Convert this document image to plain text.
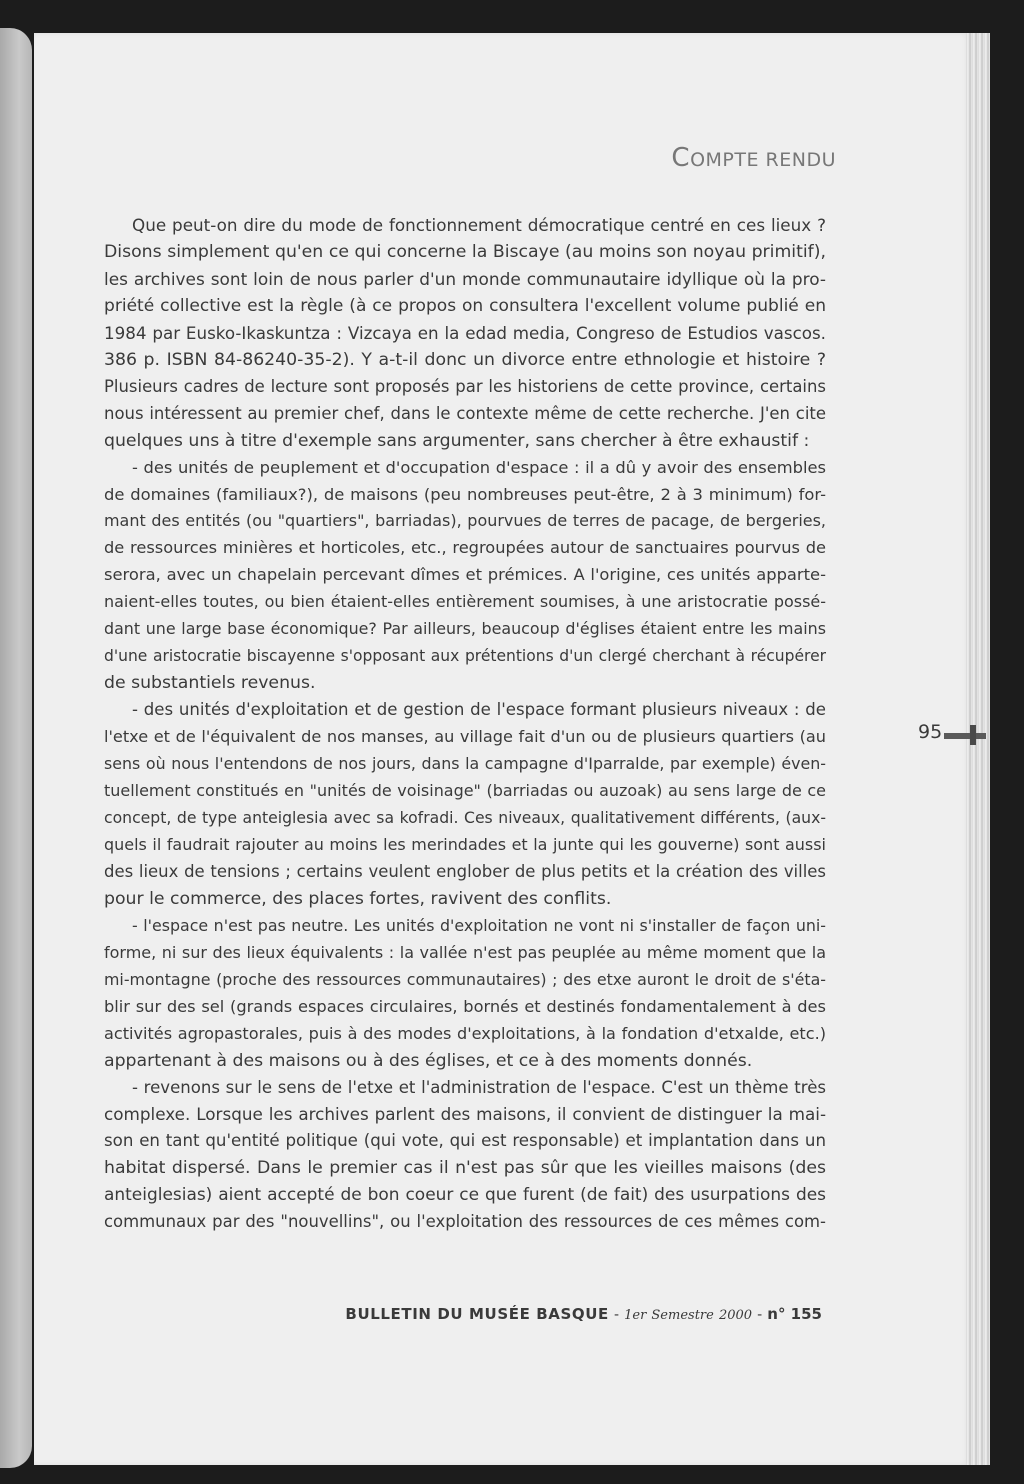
COMPTE RENDU
Que peut-on dire du mode de fonctionnement démocratique centré en ces lieux ?
Disons simplement qu'en ce qui concerne la Biscaye (au moins son noyau primitif),
les archives sont loin de nous parler d'un monde communautaire idyllique où la pro-
priété collective est la règle (à ce propos on consultera l'excellent volume publié en
1984 par Eusko-Ikaskuntza : Vizcaya en la edad media, Congreso de Estudios vascos.
386 p. ISBN 84-86240-35-2). Y a-t-il donc un divorce entre ethnologie et histoire ?
Plusieurs cadres de lecture sont proposés par les historiens de cette province, certains
nous intéressent au premier chef, dans le contexte même de cette recherche. J'en cite
quelques uns à titre d'exemple sans argumenter, sans chercher à être exhaustif :
- des unités de peuplement et d'occupation d'espace : il a dû y avoir des ensembles
de domaines (familiaux?), de maisons (peu nombreuses peut-être, 2 à 3 minimum) for-
mant des entités (ou "quartiers", barriadas), pourvues de terres de pacage, de bergeries,
de ressources minières et horticoles, etc., regroupées autour de sanctuaires pourvus de
serora, avec un chapelain percevant dîmes et prémices. A l'origine, ces unités apparte-
naient-elles toutes, ou bien étaient-elles entièrement soumises, à une aristocratie possé-
dant une large base économique? Par ailleurs, beaucoup d'églises étaient entre les mains
d'une aristocratie biscayenne s'opposant aux prétentions d'un clergé cherchant à récupérer
de substantiels revenus.
- des unités d'exploitation et de gestion de l'espace formant plusieurs niveaux : de
l'etxe et de l'équivalent de nos manses, au village fait d'un ou de plusieurs quartiers (au
sens où nous l'entendons de nos jours, dans la campagne d'Iparralde, par exemple) éven-
tuellement constitués en "unités de voisinage" (barriadas ou auzoak) au sens large de ce
concept, de type anteiglesia avec sa kofradi. Ces niveaux, qualitativement différents, (aux-
quels il faudrait rajouter au moins les merindades et la junte qui les gouverne) sont aussi
des lieux de tensions ; certains veulent englober de plus petits et la création des villes
pour le commerce, des places fortes, ravivent des conflits.
- l'espace n'est pas neutre. Les unités d'exploitation ne vont ni s'installer de façon uni-
forme, ni sur des lieux équivalents : la vallée n'est pas peuplée au même moment que la
mi-montagne (proche des ressources communautaires) ; des etxe auront le droit de s'éta-
blir sur des sel (grands espaces circulaires, bornés et destinés fondamentalement à des
activités agropastorales, puis à des modes d'exploitations, à la fondation d'etxalde, etc.)
appartenant à des maisons ou à des églises, et ce à des moments donnés.
- revenons sur le sens de l'etxe et l'administration de l'espace. C'est un thème très
complexe. Lorsque les archives parlent des maisons, il convient de distinguer la mai-
son en tant qu'entité politique (qui vote, qui est responsable) et implantation dans un
habitat dispersé. Dans le premier cas il n'est pas sûr que les vieilles maisons (des
anteiglesias) aient accepté de bon coeur ce que furent (de fait) des usurpations des
communaux par des "nouvellins", ou l'exploitation des ressources de ces mêmes com-
95
BULLETIN DU MUSÉE BASQUE - 1er Semestre 2000 - n° 155
